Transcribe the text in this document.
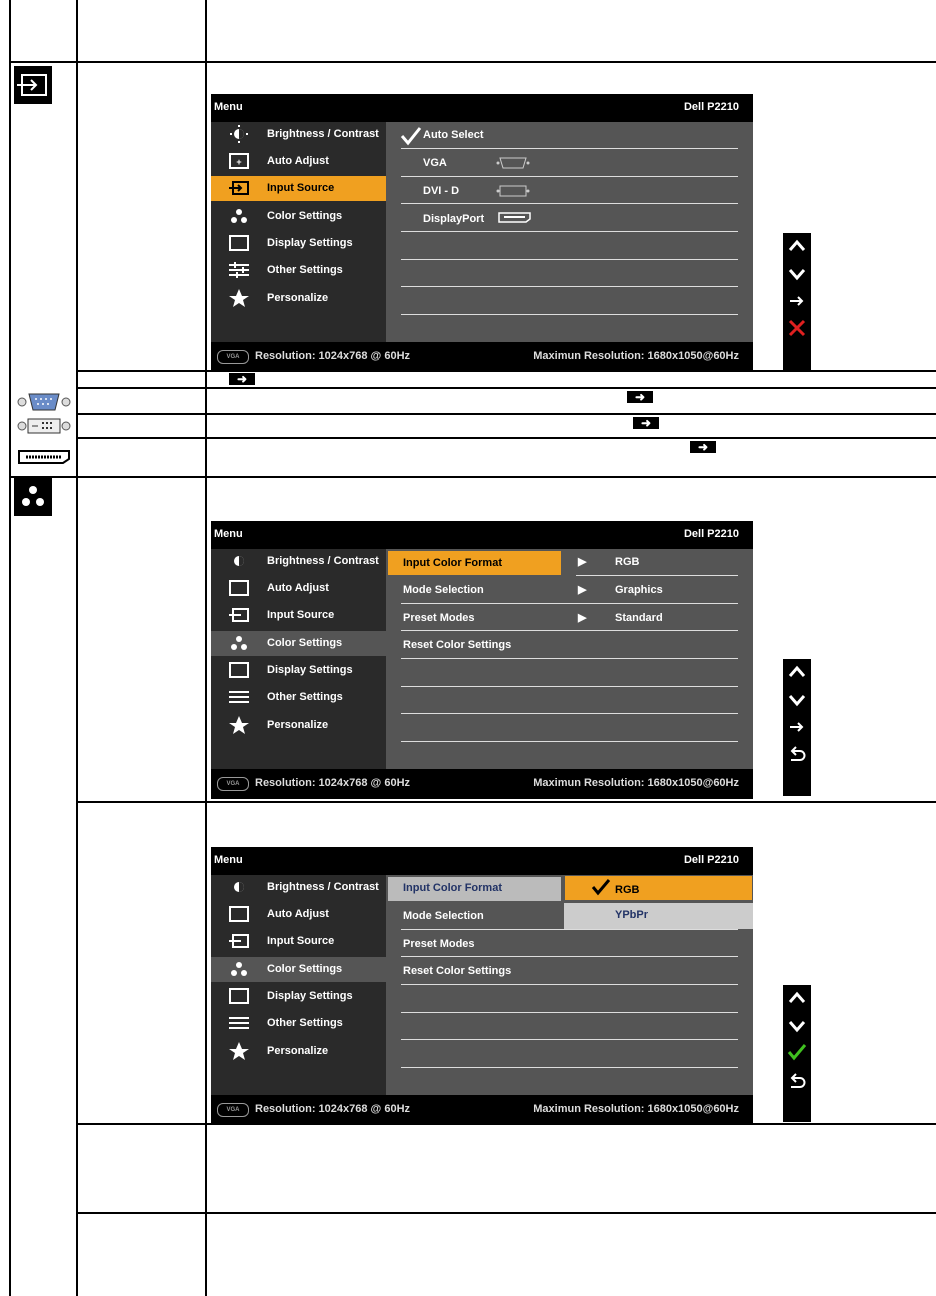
➜
➜
➜
➜
Menu	Dell P2210
Brightness / Contrast
+ Auto Adjust
Input Source
Color Settings
Display Settings
Other Settings
Personalize
Auto Select
VGA
DVI - D
DisplayPort
VGA	Resolution: 1024x768 @ 60Hz	Maximun Resolution: 1680x1050@60Hz
Menu	Dell P2210
Brightness / Contrast
Auto Adjust
Input Source
Color Settings
Display Settings
Other Settings
Personalize
Input Color Format	▶	RGB
Mode Selection	▶	Graphics
Preset Modes	▶	Standard
Reset Color Settings
VGA	Resolution: 1024x768 @ 60Hz	Maximun Resolution: 1680x1050@60Hz
Menu	Dell P2210
Brightness / Contrast
Auto Adjust
Input Source
Color Settings
Display Settings
Other Settings
Personalize
Input Color Format	RGB
YPbPr
Mode Selection
Preset Modes
Reset Color Settings
VGA	Resolution: 1024x768 @ 60Hz	Maximun Resolution: 1680x1050@60Hz
